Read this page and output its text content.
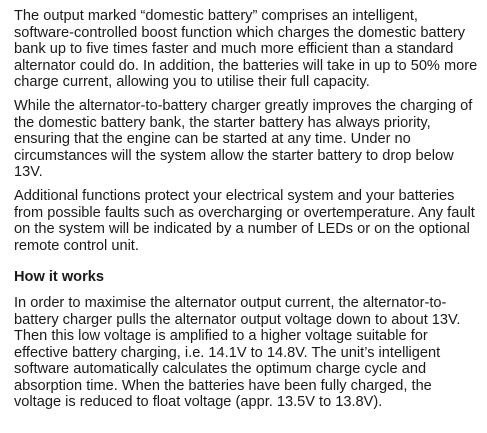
The output marked “domestic battery” comprises an intelligent, software-controlled boost function which charges the domestic battery bank up to five times faster and much more efficient than a standard alternator could do. In addition, the batteries will take in up to 50% more charge current, allowing you to utilise their full capacity.

While the alternator-to-battery charger greatly improves the charging of the domestic battery bank, the starter battery has always priority, ensuring that the engine can be started at any time. Under no circumstances will the system allow the starter battery to drop below 13V.

Additional functions protect your electrical system and your batteries from possible faults such as overcharging or overtemperature. Any fault on the system will be indicated by a number of LEDs or on the optional remote control unit.

How it works

In order to maximise the alternator output current, the alternator-to-battery charger pulls the alternator output voltage down to about 13V. Then this low voltage is amplified to a higher voltage suitable for effective battery charging, i.e. 14.1V to 14.8V. The unit’s intelligent software automatically calculates the optimum charge cycle and absorption time. When the batteries have been fully charged, the voltage is reduced to float voltage (appr. 13.5V to 13.8V).
